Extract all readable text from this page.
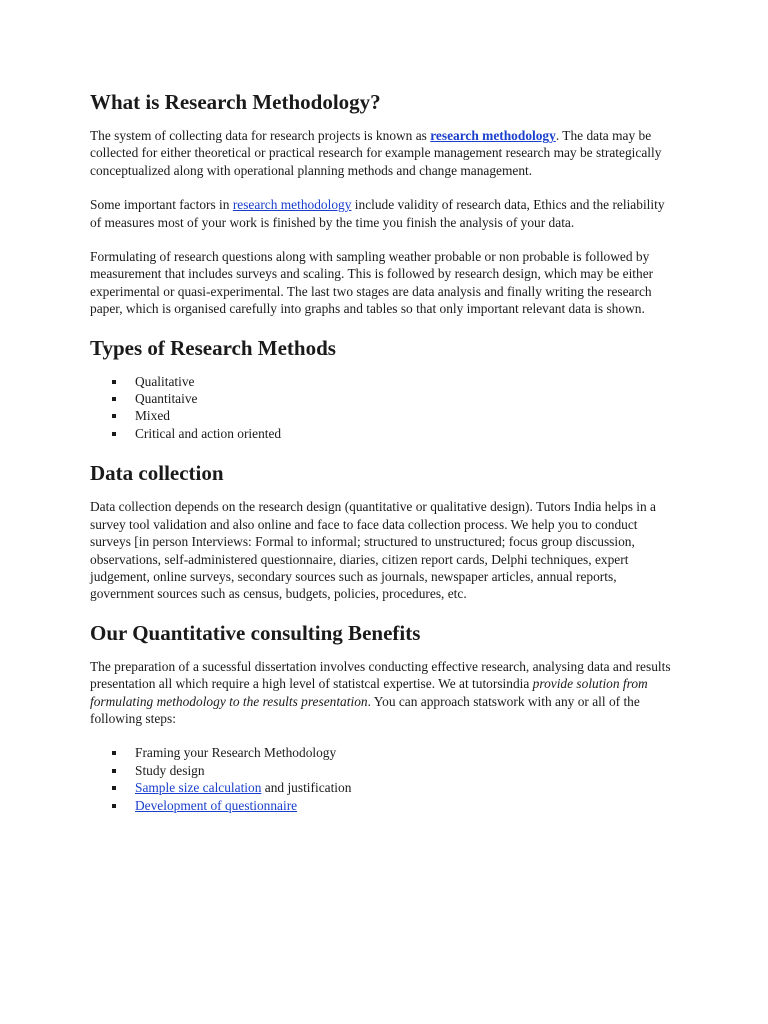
What is Research Methodology?

The system of collecting data for research projects is known as research methodology. The data may be collected for either theoretical or practical research for example management research may be strategically conceptualized along with operational planning methods and change management.

Some important factors in research methodology include validity of research data, Ethics and the reliability of measures most of your work is finished by the time you finish the analysis of your data.

Formulating of research questions along with sampling weather probable or non probable is followed by measurement that includes surveys and scaling. This is followed by research design, which may be either experimental or quasi-experimental. The last two stages are data analysis and finally writing the research paper, which is organised carefully into graphs and tables so that only important relevant data is shown.

Types of Research Methods
Qualitative
Quantitaive
Mixed
Critical and action oriented
Data collection

Data collection depends on the research design (quantitative or qualitative design). Tutors India helps in a survey tool validation and also online and face to face data collection process. We help you to conduct surveys [in person Interviews: Formal to informal; structured to unstructured; focus group discussion, observations, self-administered questionnaire, diaries, citizen report cards, Delphi techniques, expert judgement, online surveys, secondary sources such as journals, newspaper articles, annual reports, government sources such as census, budgets, policies, procedures, etc.

Our Quantitative consulting Benefits

The preparation of a sucessful dissertation involves conducting effective research, analysing data and results presentation all which require a high level of statistcal expertise. We at tutorsindia provide solution from formulating methodology to the results presentation. You can approach statswork with any or all of the following steps:

Framing your Research Methodology
Study design
Sample size calculation and justification
Development of questionnaire
